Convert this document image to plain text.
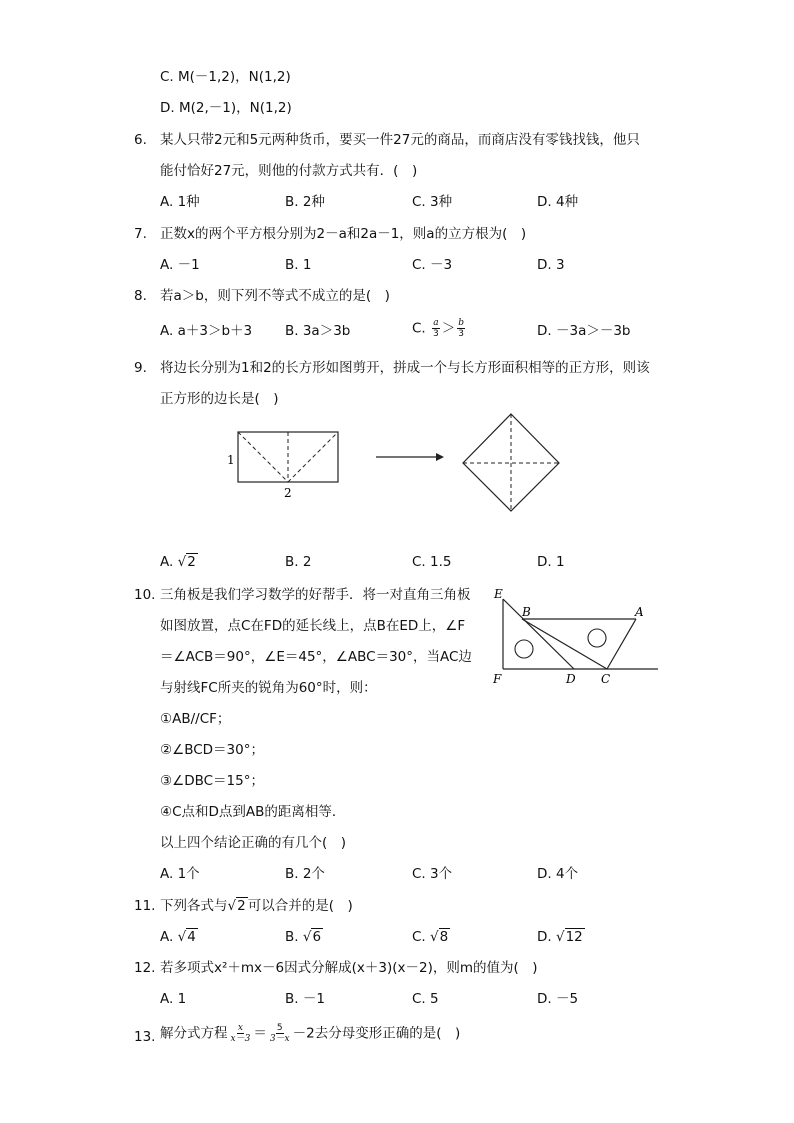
C. M(－1,2)，N(1,2)
D. M(2,－1)，N(1,2)
6. 某人只带2元和5元两种货币，要买一件27元的商品，而商店没有零钱找钱，他只
能付恰好27元，则他的付款方式共有．(　)
A. 1种	B. 2种	C. 3种	D. 4种
7. 正数x的两个平方根分别为2－a和2a－1，则a的立方根为(　)
A. －1	B. 1	C. －3	D. 3
8. 若a＞b，则下列不等式不成立的是(　)
A. a＋3＞b＋3 B. 3a＞3b	C. $\frac{a}{3} > \frac{b}{3}$	D. －3a＞－3b
9. 将边长分别为1和2的长方形如图剪开，拼成一个与长方形面积相等的正方形，则该
正方形的边长是(　)
1
2
A. √2	B. 2	C. 1.5	D. 1
10. 三角板是我们学习数学的好帮手．将一对直角三角板
如图放置，点C在FD的延长线上，点B在ED上，∠F
＝∠ACB＝90°，∠E＝45°，∠ABC＝30°，当AC边
与射线FC所夹的锐角为60°时，则：
①AB//CF；
②∠BCD＝30°；
③∠DBC＝15°；
④C点和D点到AB的距离相等．
以上四个结论正确的有几个(　)
E
B	A
F	D C
A. 1个	B. 2个	C. 3个	D. 4个
11. 下列各式与√2 可以合并的是(　)
A. √4	B. √6	C. √8	D. √12
12. 若多项式x²＋mx－6因式分解成(x＋3)(x－2)，则m的值为(　)
A. 1	B. －1	C. 5	D. －5
13. 解分式方程 $\frac{x}{x-3} = \frac{5}{3-x} -2$去分母变形正确的是(　)
